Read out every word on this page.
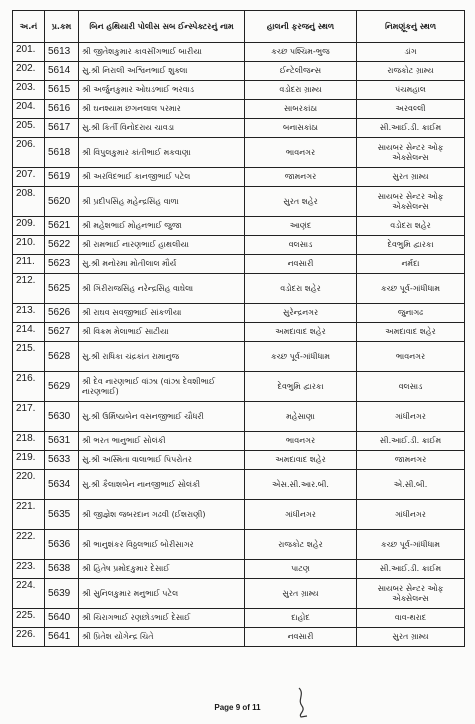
અ.નં	પ્ર.કમ	બિન હથિયારી પોલીસ સબ ઈન્સ્પેક્ટરનું નામ	હાલની ફરજનું સ્થળ	નિમણૂંકનું સ્થળ
201.	5613	શ્રી જીતેશકુમાર કાવસીંગભાઈ બારીયા	કચ્છ પશ્ચિમ-ભુજ	ડાંગ
202.	5614	સુ.શ્રી નિરાલી અશ્વિનભાઈ શુક્લા	ઈન્ટેલીજન્સ	રાજકોટ ગ્રામ્ય
203.	5615	શ્રી અર્જુનકુમાર ઓઘડભાઈ ભરવાડ	વડોદરા ગ્રામ્ય	પંચમહાલ
204.	5616	શ્રી ઘનશ્યામ છગનલાલ પરમાર	સાબરકાંઠા	અરવલ્લી
205.	5617	સુ.શ્રી કિર્તી વિનોદરાય ચાવડા	બનાસકાંઠા	સી.આઈ.ડી. ક્રાઈમ
206.	5618	શ્રી વિપુલકુમાર કાંતીભાઈ મકવાણા	ભાવનગર	સાયબર સેન્ટર ઓફ એક્સેલન્સ
207.	5619	શ્રી અરવિંદભાઈ કાનજીભાઈ પટેલ	જામનગર	સુરત ગ્રામ્ય
208.	5620	શ્રી પ્રદીપસિંહ મહેન્દ્રસિંહ વાળા	સુરત શહેર	સાયબર સેન્ટર ઓફ એક્સેલન્સ
209.	5621	શ્રી મહેશભાઈ મોહનભાઈ જુજા	આણંદ	વડોદરા શહેર
210.	5622	શ્રી રામભાઈ નારણભાઈ હાથલીયા	વલસાડ	દેવભુમિ દ્વારકા
211.	5623	સુ.શ્રી મનોરમા મોતીલાલ મૌર્ય	નવસારી	નર્મદા
212.	5625	શ્રી ગિરીરાજસિંહ નરેન્દ્રસિંહ વાઘેલા	વડોદરા શહેર	કચ્છ પૂર્વ-ગાંધીધામ
213.	5626	શ્રી રાઘવ સવજીભાઈ સાંકળીયા	સુરેન્દ્રનગર	જુનાગઢ
214.	5627	શ્રી વિક્રમ મેલાભાઈ સાટીયા	અમદાવાદ શહેર	અમદાવાદ શહેર
215.	5628	સુ.શ્રી રાધિકા ચંદ્રકાંત રામાનુજ	કચ્છ પૂર્વ-ગાંધીધામ	ભાવનગર
216.	5629	શ્રી દેવ નારણભાઈ વાંઝા (વાંઝા દેવશીભાઈ નારણભાઈ)	દેવભુમિ દ્વારકા	વલસાડ
217.	5630	સુ.શ્રી ઉર્મિષ્ઠાબેન વસનજીભાઈ ચૌધરી	મહેસાણા	ગાંધીનગર
218.	5631	શ્રી ભરત ભાનુભાઈ સોલંકી	ભાવનગર	સી.આઈ.ડી. ક્રાઈમ
219.	5633	સુ.શ્રી અસ્મિતા વાલાભાઈ પિપરોતર	અમદાવાદ શહેર	જામનગર
220.	5634	સુ.શ્રી કૈલાશબેન નાનજીભાઈ સોલંકી	એસ.સી.આર.બી.	એ.સી.બી.
221.	5635	શ્રી જીજ્ઞેશ જબરદાન ગઢવી (ઈશરાણી)	ગાંધીનગર	ગાંધીનગર
222.	5636	શ્રી ભાનુશંકર વિઠ્ઠલભાઈ બોરીસાગર	રાજકોટ શહેર	કચ્છ પૂર્વ-ગાંધીધામ
223.	5638	શ્રી હિતેષ પ્રમોદકુમાર દેસાઈ	પાટણ	સી.આઈ.ડી. ક્રાઈમ
224.	5639	શ્રી સુનિલકુમાર મનુભાઈ પટેલ	સુરત ગ્રામ્ય	સાયબર સેન્ટર ઓફ એક્સેલન્સ
225.	5640	શ્રી ચિરાગભાઈ રણછોડભાઈ દેસાઈ	દાહોદ	વાવ-થરાદ
226.	5641	શ્રી પ્રિતેશ યોગેન્દ્ર ચિતે	નવસારી	સુરત ગ્રામ્ય
Page 9 of 11
